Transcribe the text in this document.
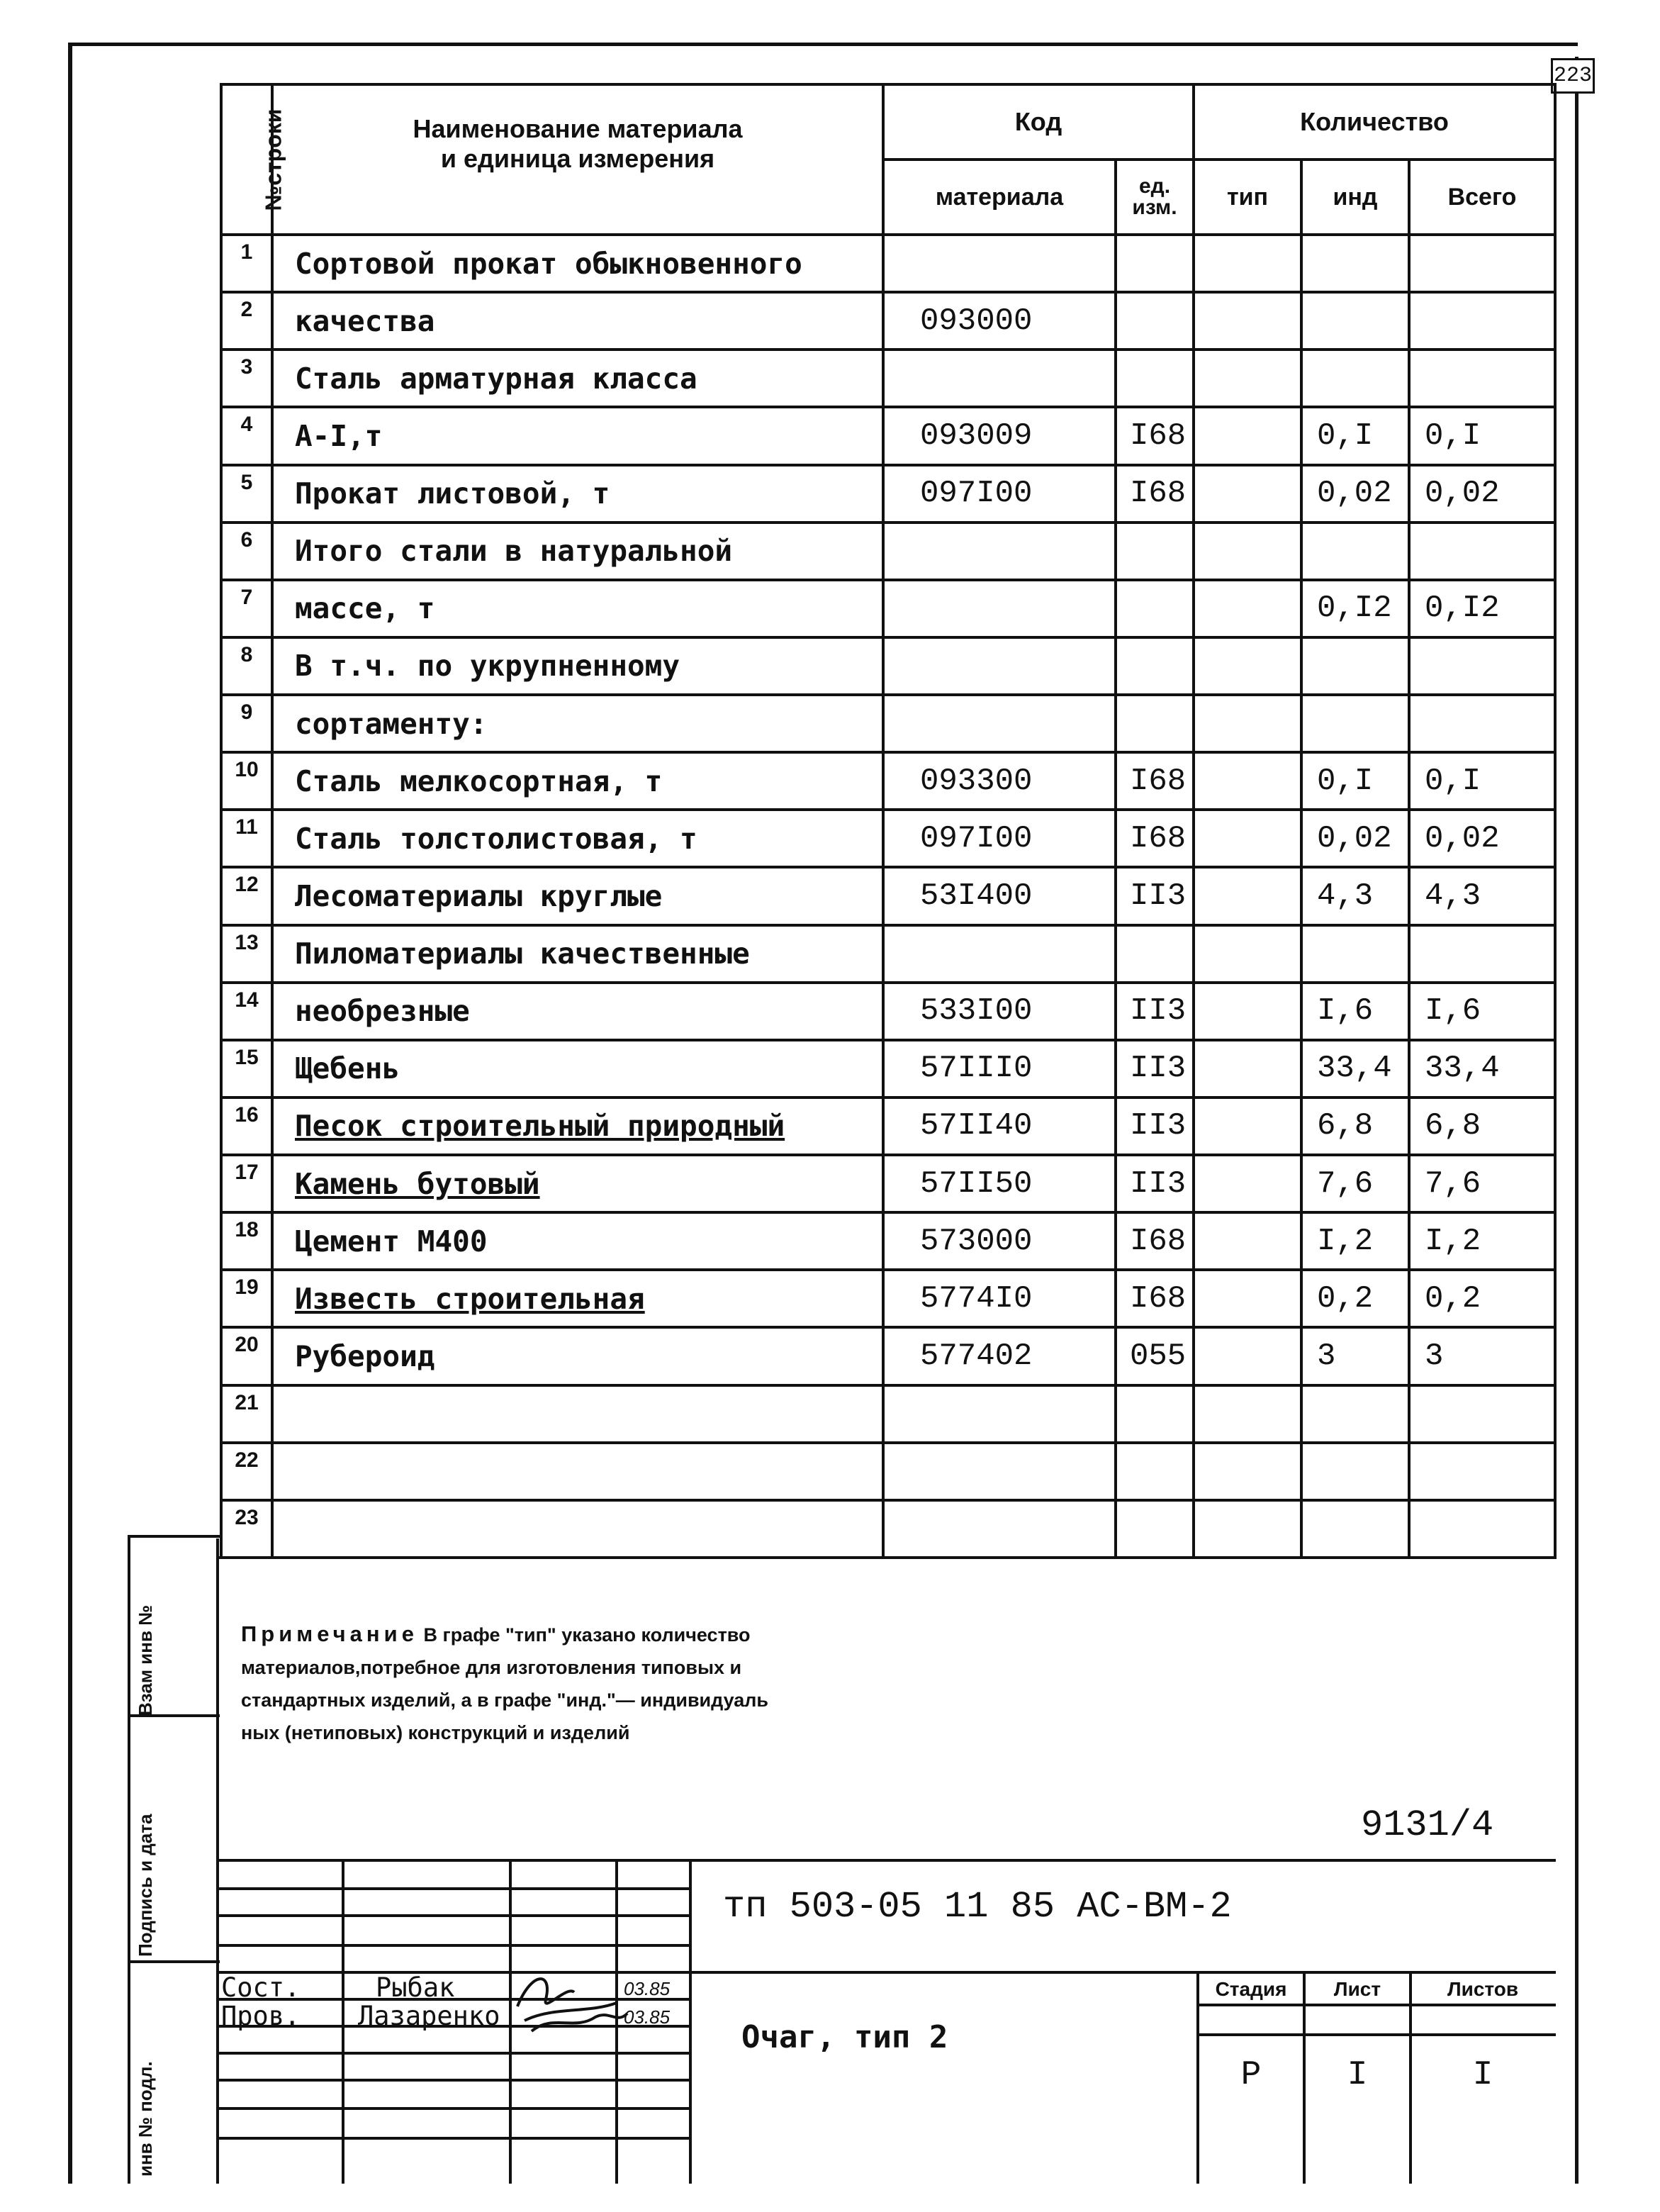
223
№строки	Наименование материала
и единица измерения	Код		Количество		
		материала	ед.
изм.	тип	инд	Всего
1	Сортовой прокат обыкновенного					
2	качества	093000				
3	Сталь арматурная класса					
4	А-I,т	093009	I68		0,I	0,I
5	Прокат листовой, т	097I00	I68		0,02	0,02
6	Итого стали в натуральной					
7	массе, т				0,I2	0,I2
8	В т.ч. по укрупненному					
9	сортаменту:					
10	Сталь мелкосортная, т	093300	I68		0,I	0,I
11	Сталь толстолистовая, т	097I00	I68		0,02	0,02
12	Лесоматериалы круглые	53I400	II3		4,3	4,3
13	Пиломатериалы качественные					
14	необрезные	533I00	II3		I,6	I,6
15	Щебень	57III0	II3		33,4	33,4
16	Песок строительный природный	57II40	II3		6,8	6,8
17	Камень бутовый	57II50	II3		7,6	7,6
18	Цемент М400	573000	I68		I,2	I,2
19	Известь строительная	5774I0	I68		0,2	0,2
20	Рубероид	577402	055		3	3
21						
22						
23						
Примечание В графе "тип" указано количество
материалов,потребное для изготовления типовых и
стандартных изделий, а в графе "инд."— индивидуаль
ных (нетиповых) конструкций и изделий
9131/4
тп 503-05 11 85 АС-ВМ-2
Очаг, тип 2
Сост.	Рыбак	03.85
Пров. Лазаренко	03.85
Стадия	Лист	Листов
Р	I	I
Взам инв №
Подпись и дата
инв № подл.
